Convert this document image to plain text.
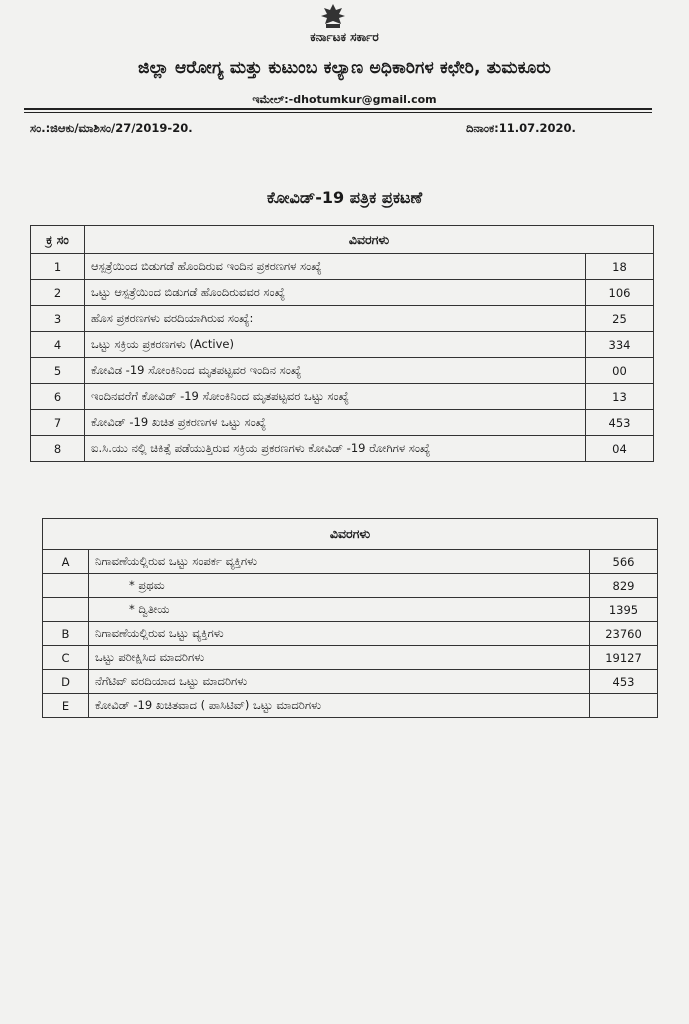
ಕರ್ನಾಟಕ ಸರ್ಕಾರ
ಜಿಲ್ಲಾ ಆರೋಗ್ಯ ಮತ್ತು ಕುಟುಂಬ ಕಲ್ಯಾಣ ಅಧಿಕಾರಿಗಳ ಕಛೇರಿ, ತುಮಕೂರು
ಇಮೇಲ್:-dhotumkur@gmail.com
ಸಂ.:ಜಿಆಕು/ಮಾಶಿಸಂ/27/2019-20.	ದಿನಾಂಕ:11.07.2020.
ಕೋವಿಡ್-19 ಪತ್ರಿಕ ಪ್ರಕಟಣೆ
ಕ್ರ ಸಂ	ವಿವರಗಳು	
1	ಆಸ್ಪತ್ರೆಯಿಂದ ಬಿಡುಗಡೆ ಹೊಂದಿರುವ ಇಂದಿನ ಪ್ರಕರಣಗಳ ಸಂಖ್ಯೆ	18
2	ಒಟ್ಟು ಆಸ್ಪತ್ರೆಯಿಂದ ಬಿಡುಗಡೆ ಹೊಂದಿರುವವರ ಸಂಖ್ಯೆ	106
3	ಹೊಸ ಪ್ರಕರಣಗಳು ವರದಿಯಾಗಿರುವ ಸಂಖ್ಯೆ:	25
4	ಒಟ್ಟು ಸಕ್ರಿಯ ಪ್ರಕರಣಗಳು (Active)	334
5	ಕೋವಿಡ -19 ಸೋಂಕಿನಿಂದ ಮೃತಪಟ್ಟವರ ಇಂದಿನ ಸಂಖ್ಯೆ	00
6	ಇಂದಿನವರೆಗೆ ಕೋವಿಡ್ -19 ಸೋಂಕಿನಿಂದ ಮೃತಪಟ್ಟವರ ಒಟ್ಟು ಸಂಖ್ಯೆ	13
7	ಕೋವಿಡ್ -19 ಖಚಿತ ಪ್ರಕರಣಗಳ ಒಟ್ಟು ಸಂಖ್ಯೆ	453
8	ಐ.ಸಿ.ಯು ನಲ್ಲಿ ಚಿಕಿತ್ಸೆ ಪಡೆಯುತ್ತಿರುವ ಸಕ್ರಿಯ ಪ್ರಕರಣಗಳು ಕೋವಿಡ್ -19 ರೋಗಿಗಳ ಸಂಖ್ಯೆ	04
ವಿವರಗಳು		
A	ನಿಗಾವಣೆಯಲ್ಲಿರುವ ಒಟ್ಟು ಸಂಪರ್ಕ ವ್ಯಕ್ತಿಗಳು	566
	* ಪ್ರಥಮ	829
	* ದ್ವಿತೀಯ	1395
B	ನಿಗಾವಣೆಯಲ್ಲಿರುವ ಒಟ್ಟು ವ್ಯಕ್ತಿಗಳು	23760
C	ಒಟ್ಟು ಪರೀಕ್ಷಿಸಿದ ಮಾದರಿಗಳು	19127
D	ನೆಗೆಟಿವ್ ವರದಿಯಾದ ಒಟ್ಟು ಮಾದರಿಗಳು	453
E	ಕೋವಿಡ್ -19 ಖಚಿತವಾದ ( ಪಾಸಿಟಿವ್) ಒಟ್ಟು ಮಾದರಿಗಳು	
